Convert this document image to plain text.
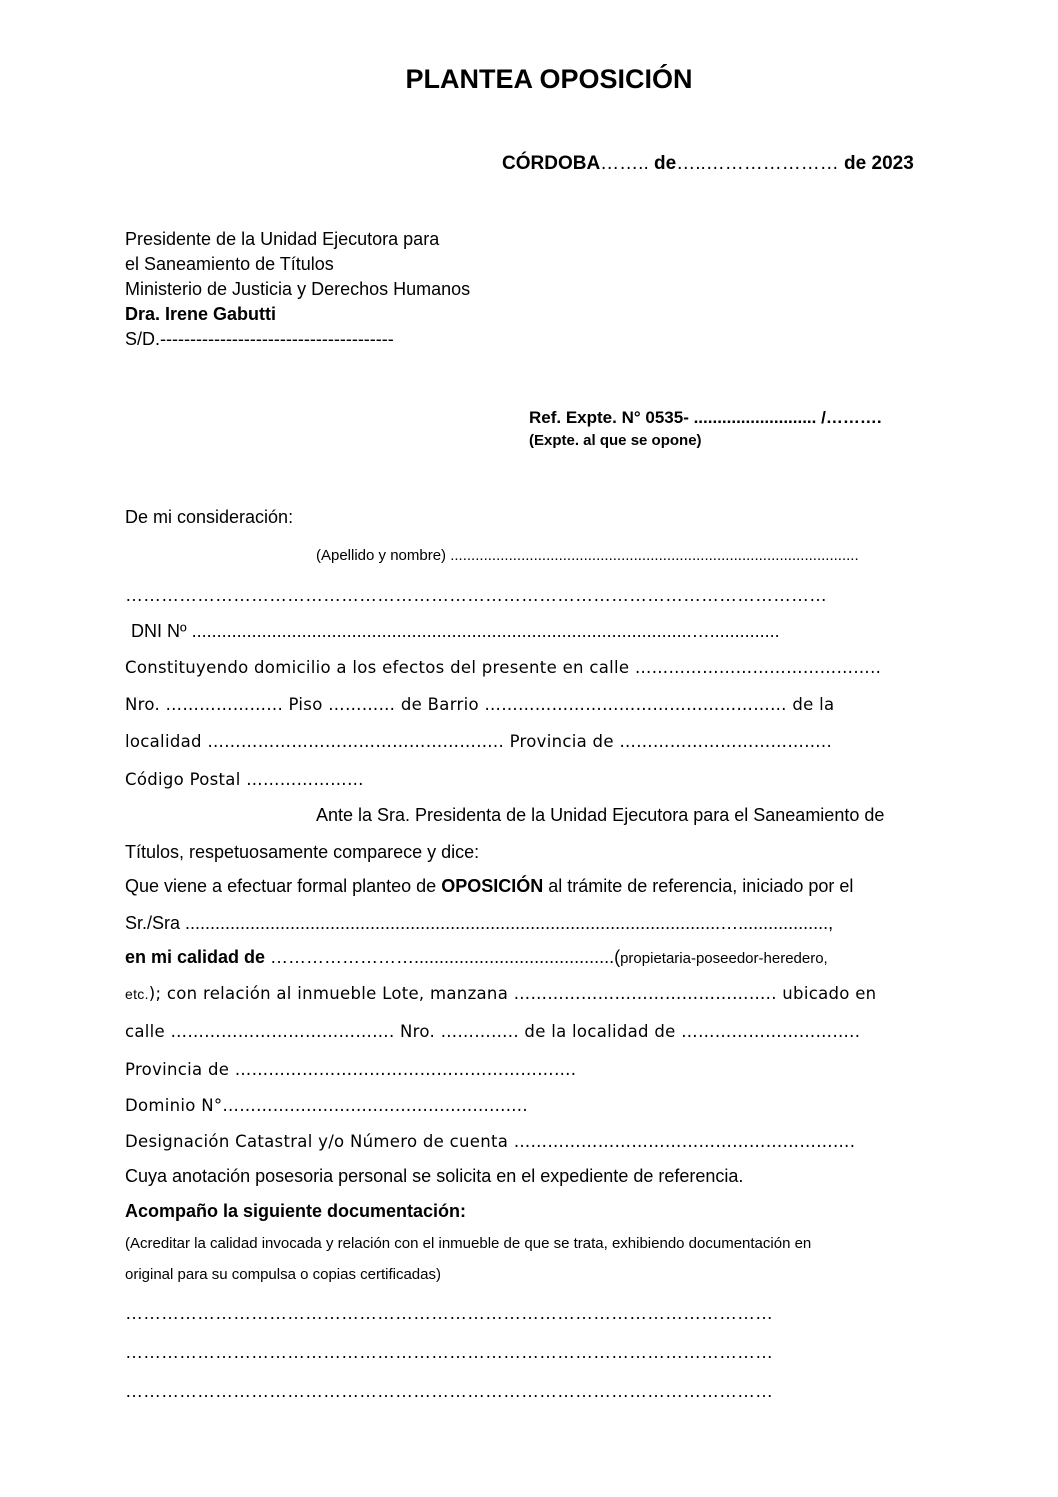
PLANTEA OPOSICIÓN
CÓRDOBA…….. de…..………………… de 2023
Presidente de la Unidad Ejecutora para
el Saneamiento de Títulos
Ministerio de Justicia y Derechos Humanos
Dra. Irene Gabutti
S/D.---------------------------------------
Ref. Expte. N° 0535- .......................... /……….
(Expte. al que se opone)
De mi consideración:
(Apellido y nombre) ..................................................................................................
………………………………………………………………………………………………………
DNI Nº ....................................................................................................…..............
Constituyendo domicilio a los efectos del presente en calle ……………………………………..
Nro. ………………... Piso ………… de Barrio ……………………………………………… de la
localidad …………………………………………….. Provincia de ………………………………..
Código Postal …………………
Ante la Sra. Presidenta de la Unidad Ejecutora para el Saneamiento de
Títulos, respetuosamente comparece y dice:
Que viene a efectuar formal planteo de OPOSICIÓN al trámite de referencia, iniciado por el
Sr./Sra ...........................................................................................................…..................,
en mi calidad de ……………………........................................(propietaria-poseedor-heredero,
etc.); con relación al inmueble Lote, manzana ……………………………………….. ubicado en
calle …………………………………. Nro. ………….. de la localidad de …………………………..
Provincia de …………………………………………………….
Dominio N°………..............................................
Designación Catastral y/o Número de cuenta …………………………………………………….
Cuya anotación posesoria personal se solicita en el expediente de referencia.
Acompaño la siguiente documentación:
(Acreditar la calidad invocada y relación con el inmueble de que se trata, exhibiendo documentación en
original para su compulsa o copias certificadas)
………………………………………………………………………………………………
………………………………………………………………………………………………
………………………………………………………………………………………………
